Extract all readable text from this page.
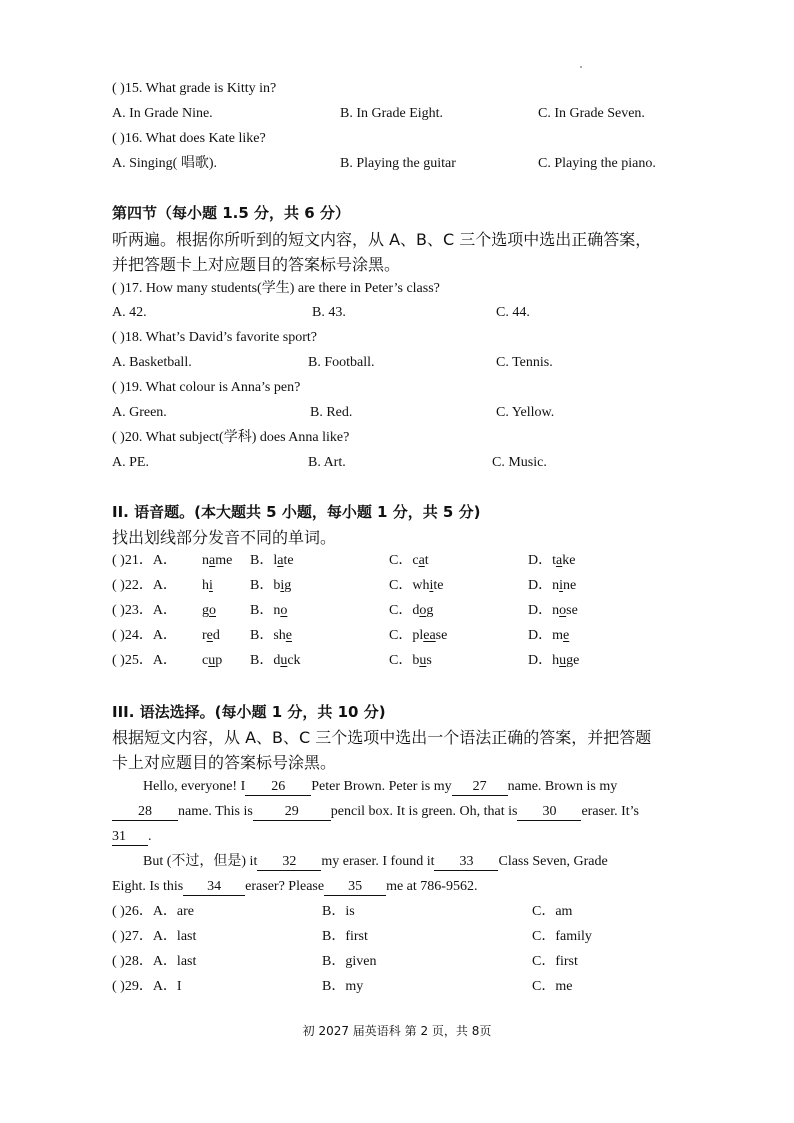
( )15. What grade is Kitty in?
A. In Grade Nine.	B. In Grade Eight.	C. In Grade Seven.
( )16. What does Kate like?
A. Singing( 唱歌).	B. Playing the guitar	C. Playing the piano.
第四节（每小题 1.5 分，共 6 分）
听两遍。根据你所听到的短文内容，从 A、B、C 三个选项中选出正确答案，
并把答题卡上对应题目的答案标号涂黑。
( )17. How many students(学生) are there in Peter’s class?
A. 42.	B. 43.	C. 44.
( )18. What’s David’s favorite sport?
A. Basketball.	B. Football.	C. Tennis.
( )19. What colour is Anna’s pen?
A. Green.	B. Red.	C. Yellow.
( )20. What subject(学科) does Anna like?
A. PE.	B. Art.	C. Music.
II. 语音题。(本大题共 5 小题，每小题 1 分，共 5 分)
找出划线部分发音不同的单词。
( )21．A． name B．late	C．cat	D．take
( )22．A． hi	B．big	C．white	D．nine
( )23．A． go B．no	C．dog	D．nose
( )24．A． red B．she	C．please	D．me
( )25．A． cup B．duck	C．bus	D．huge
III. 语法选择。(每小题 1 分，共 10 分)
根据短文内容，从 A、B、C 三个选项中选出一个语法正确的答案，并把答题
卡上对应题目的答案标号涂黑。
Hello, everyone! I 26 Peter Brown. Peter is my 27 name. Brown is my
28 name. This is 29 pencil box. It is green. Oh, that is 30 eraser. It’s
31 .
But (不过，但是) it 32 my eraser. I found it 33 Class Seven, Grade
Eight. Is this 34 eraser? Please 35 me at 786-9562.
( )26．A．are	B．is	C．am
( )27．A．last	B．first	C．family
( )28．A．last	B．given	C．first
( )29．A．I	B．my	C．me
初 2027 届英语科 第 2 页，共 8页
